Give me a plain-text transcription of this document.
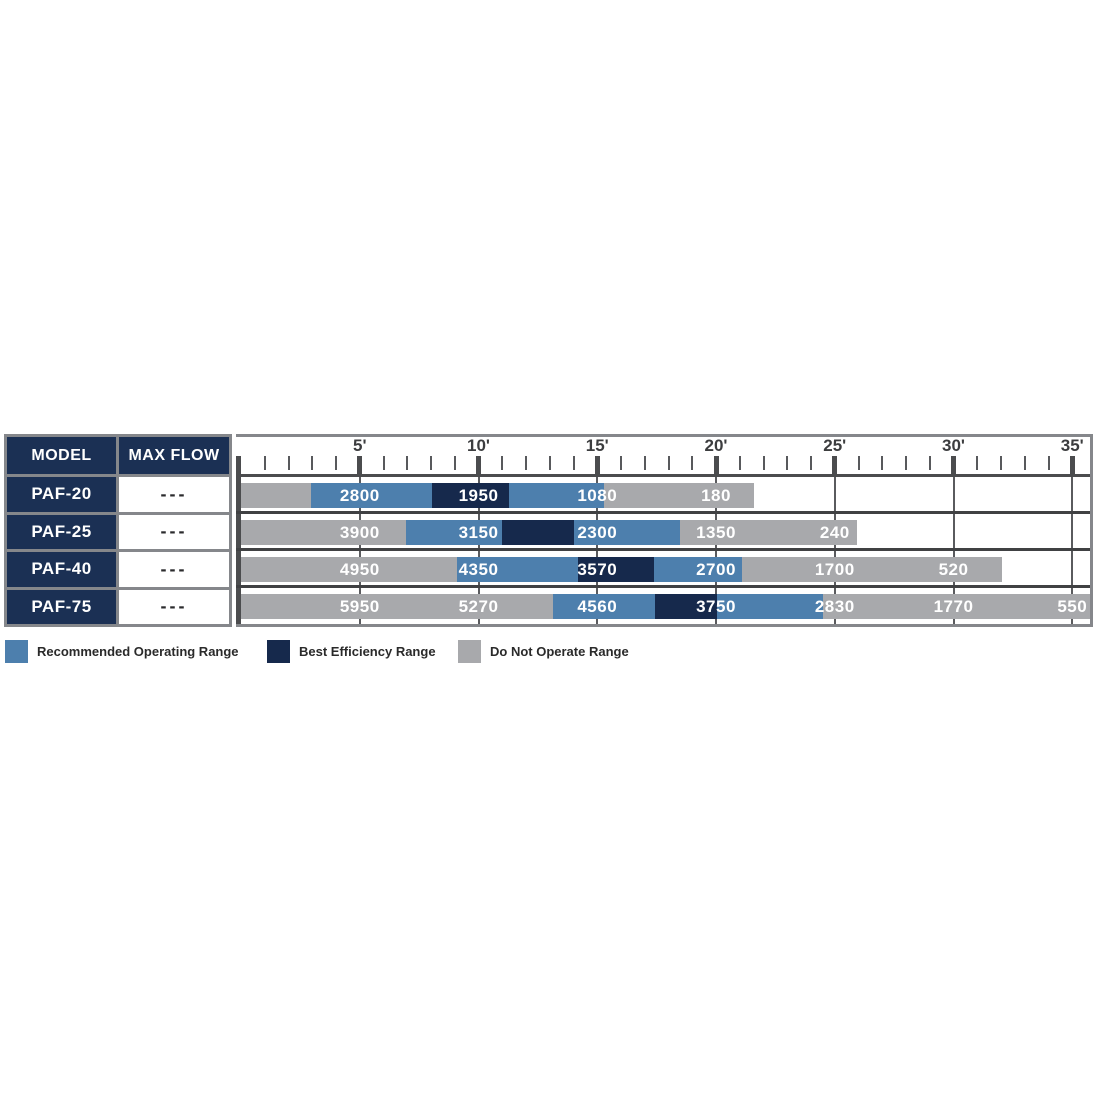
MODEL	MAX FLOW
PAF-20	---
PAF-25	---
PAF-40	---
PAF-75	---
5'	10'	15'	20'	25'	30'	35'
2800	1950	1080	180
3900	3150	2300	1350	240
4950	4350	3570	2700	1700	520
5950	5270	4560	3750	2830	1770	550
Recommended Operating Range	Best Efficiency Range	Do Not Operate Range
